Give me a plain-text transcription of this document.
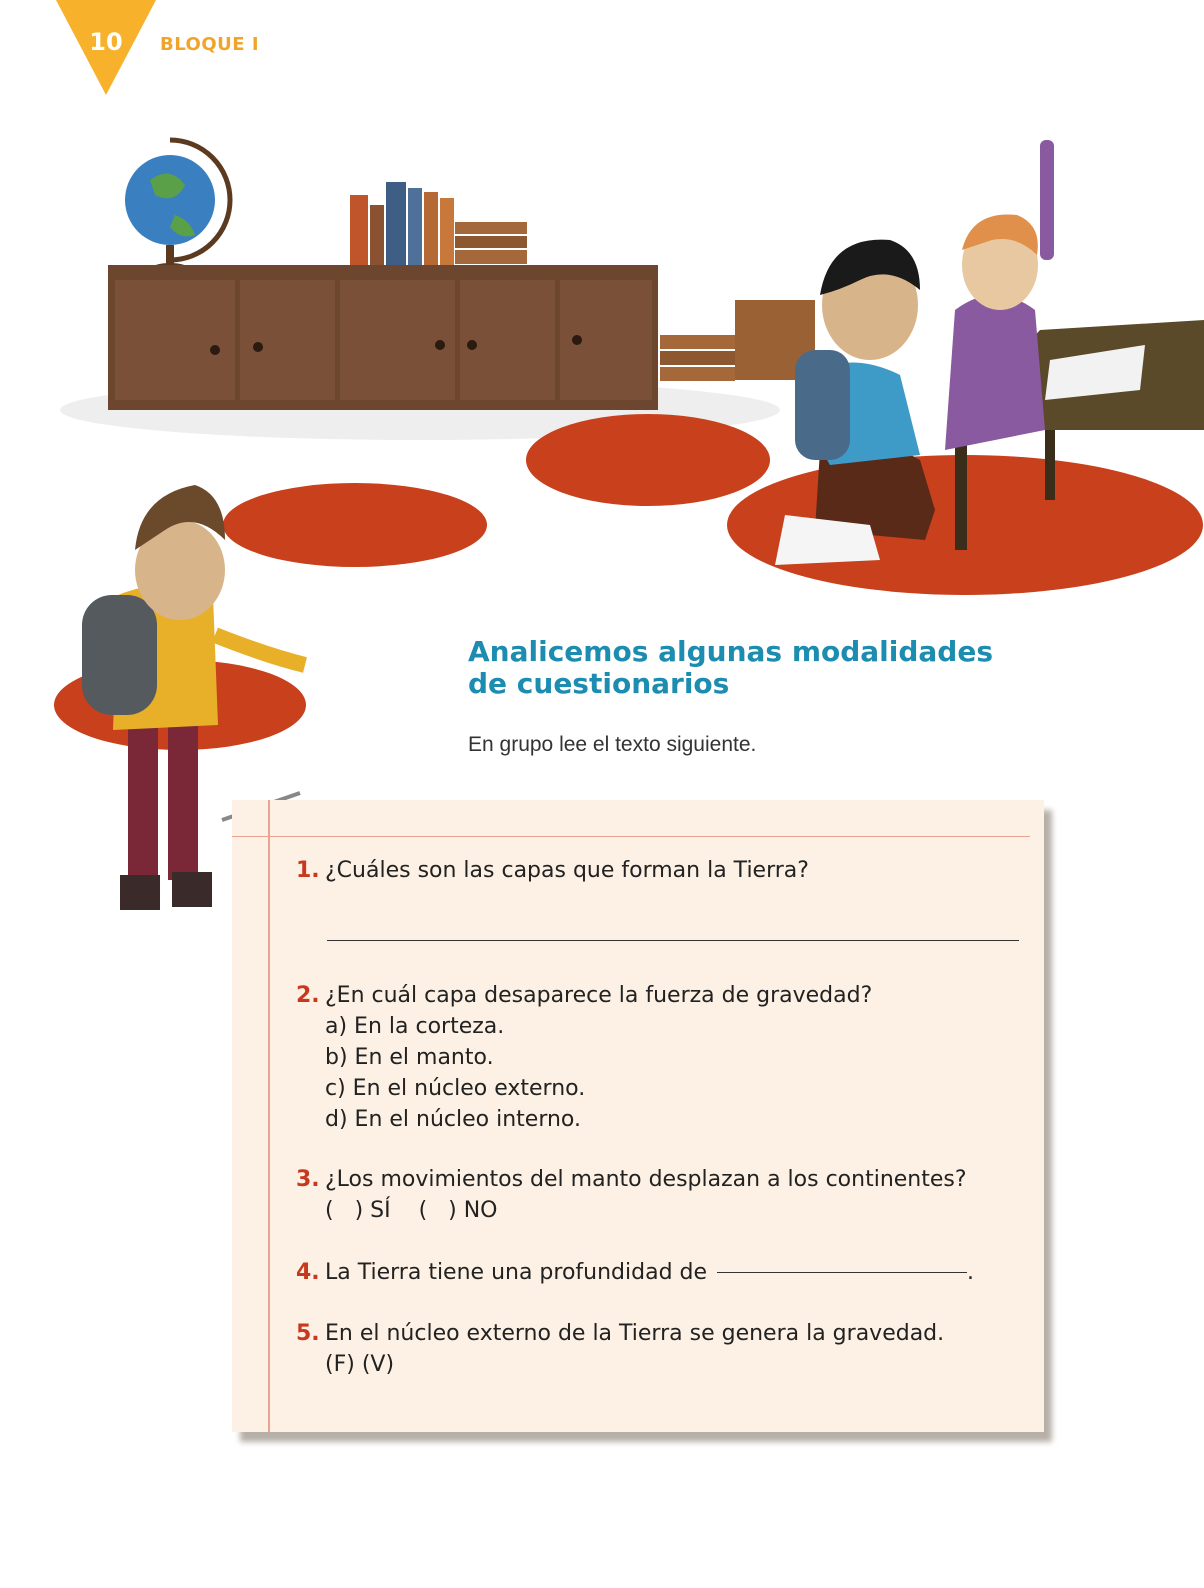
10	BLOQUE I
Analicemos algunas modalidades de cuestionarios
En grupo lee el texto siguiente.
1. ¿Cuáles son las capas que forman la Tierra?
2. ¿En cuál capa desaparece la fuerza de gravedad?
a) En la corteza.
b) En el manto.
c) En el núcleo externo.
d) En el núcleo interno.
3. ¿Los movimientos del manto desplazan a los continentes?
(   ) SÍ    (   ) NO
4. La Tierra tiene una profundidad de	.
5. En el núcleo externo de la Tierra se genera la gravedad.
(F) (V)
